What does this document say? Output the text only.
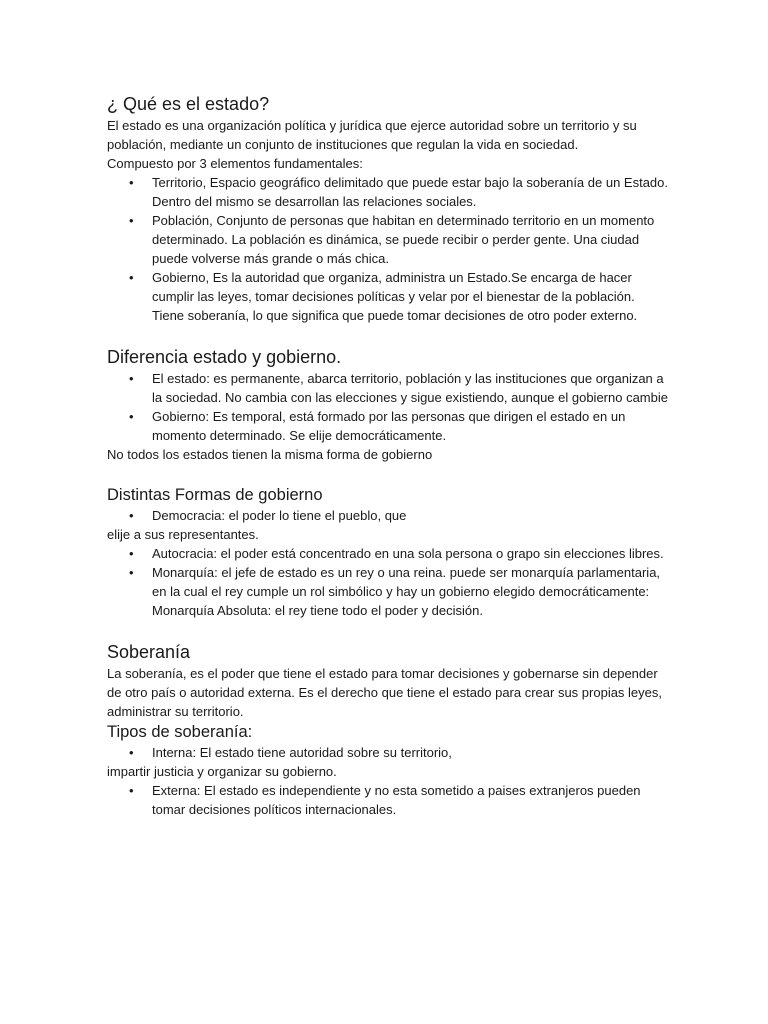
¿ Qué es el estado?

El estado es una organización política y jurídica que ejerce autoridad sobre un territorio y su población, mediante un conjunto de instituciones que regulan la vida en sociedad.

Compuesto por 3 elementos fundamentales:

• Territorio, Espacio geográfico delimitado que puede estar bajo la soberanía de un Estado. Dentro del mismo se desarrollan las relaciones sociales.
• Población, Conjunto de personas que habitan en determinado territorio en un momento determinado. La población es dinámica, se puede recibir o perder gente. Una ciudad puede volverse más grande o más chica.
• Gobierno, Es la autoridad que organiza, administra un Estado.Se encarga de hacer cumplir las leyes, tomar decisiones políticas y velar por el bienestar de la población. Tiene soberanía, lo que significa que puede tomar decisiones de otro poder externo.
Diferencia estado y gobierno.
• El estado: es permanente, abarca territorio, población y las instituciones que organizan a la sociedad. No cambia con las elecciones y sigue existiendo, aunque el gobierno cambie
• Gobierno: Es temporal, está formado por las personas que dirigen el estado en un momento determinado. Se elije democráticamente.

No todos los estados tienen la misma forma de gobierno

Distintas Formas de gobierno
• Democracia: el poder lo tiene el pueblo, que

elije a sus representantes.

• Autocracia: el poder está concentrado en una sola persona o grapo sin elecciones libres.
• Monarquía: el jefe de estado es un rey o una reina. puede ser monarquía parlamentaria, en la cual el rey cumple un rol simbólico y hay un gobierno elegido democráticamente: Monarquía Absoluta: el rey tiene todo el poder y decisión.
Soberanía

La soberanía, es el poder que tiene el estado para tomar decisiones y gobernarse sin depender de otro país o autoridad externa. Es el derecho que tiene el estado para crear sus propias leyes, administrar su territorio.

Tipos de soberanía:
• Interna: El estado tiene autoridad sobre su territorio,

impartir justicia y organizar su gobierno.

• Externa: El estado es independiente y no esta sometido a paises extranjeros pueden tomar decisiones políticos internacionales.
